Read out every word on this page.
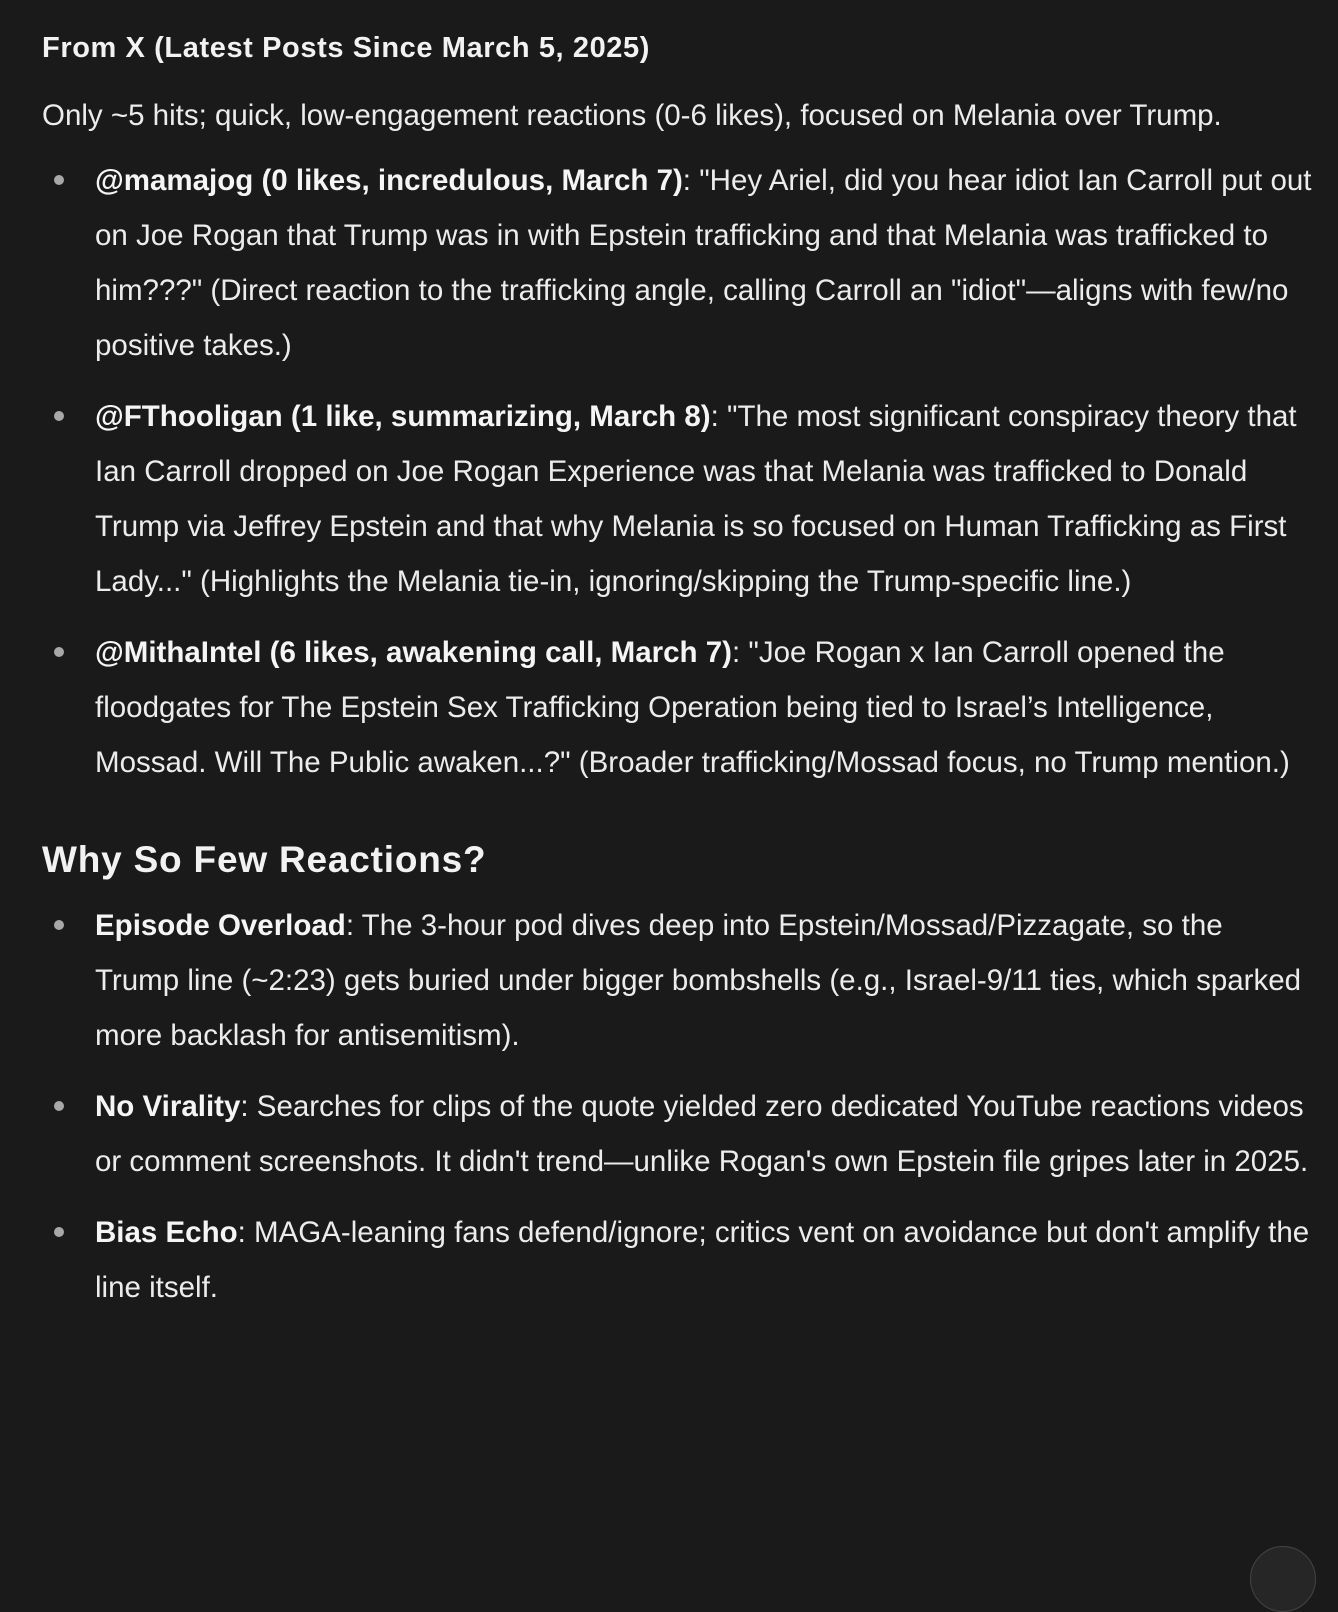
From X (Latest Posts Since March 5, 2025)

Only ~5 hits; quick, low-engagement reactions (0-6 likes), focused on Melania over Trump.

@mamajog (0 likes, incredulous, March 7): "Hey Ariel, did you hear idiot Ian Carroll put out on Joe Rogan that Trump was in with Epstein trafficking and that Melania was trafficked to him???" (Direct reaction to the trafficking angle, calling Carroll an "idiot"—aligns with few/no positive takes.)
@FThooligan (1 like, summarizing, March 8): "The most significant conspiracy theory that Ian Carroll dropped on Joe Rogan Experience was that Melania was trafficked to Donald Trump via Jeffrey Epstein and that why Melania is so focused on Human Trafficking as First Lady..." (Highlights the Melania tie-in, ignoring/skipping the Trump-specific line.)
@MithaIntel (6 likes, awakening call, March 7): "Joe Rogan x Ian Carroll opened the floodgates for The Epstein Sex Trafficking Operation being tied to Israel’s Intelligence, Mossad. Will The Public awaken...?" (Broader trafficking/Mossad focus, no Trump mention.)
Why So Few Reactions?
Episode Overload: The 3-hour pod dives deep into Epstein/Mossad/Pizzagate, so the Trump line (~2:23) gets buried under bigger bombshells (e.g., Israel-9/11 ties, which sparked more backlash for antisemitism).
No Virality: Searches for clips of the quote yielded zero dedicated YouTube reactions videos or comment screenshots. It didn't trend—unlike Rogan's own Epstein file gripes later in 2025.
Bias Echo: MAGA-leaning fans defend/ignore; critics vent on avoidance but don't amplify the line itself.
